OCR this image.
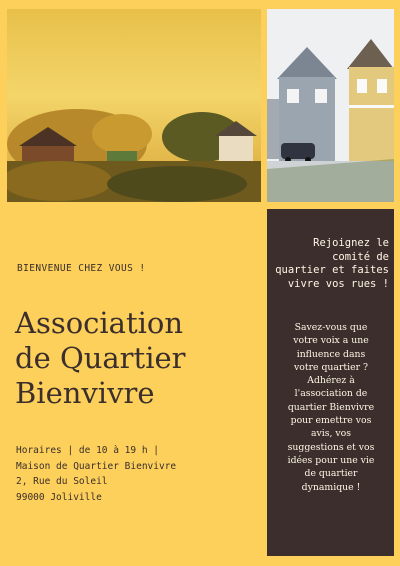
Rejoignez le
comité de
quartier et faites
vivre vos rues !

Savez-vous que

votre voix a une

influence dans

votre quartier ?

Adhérez à

l'association de

quartier Bienvivre

pour emettre vos

avis, vos

suggestions et vos

idées pour une vie

de quartier

dynamique !

BIENVENUE CHEZ VOUS !
Association
de Quartier
Bienvivre
Horaires | de 10 à 19 h |
Maison de Quartier Bienvivre
2, Rue du Soleil
99000 Joliville
